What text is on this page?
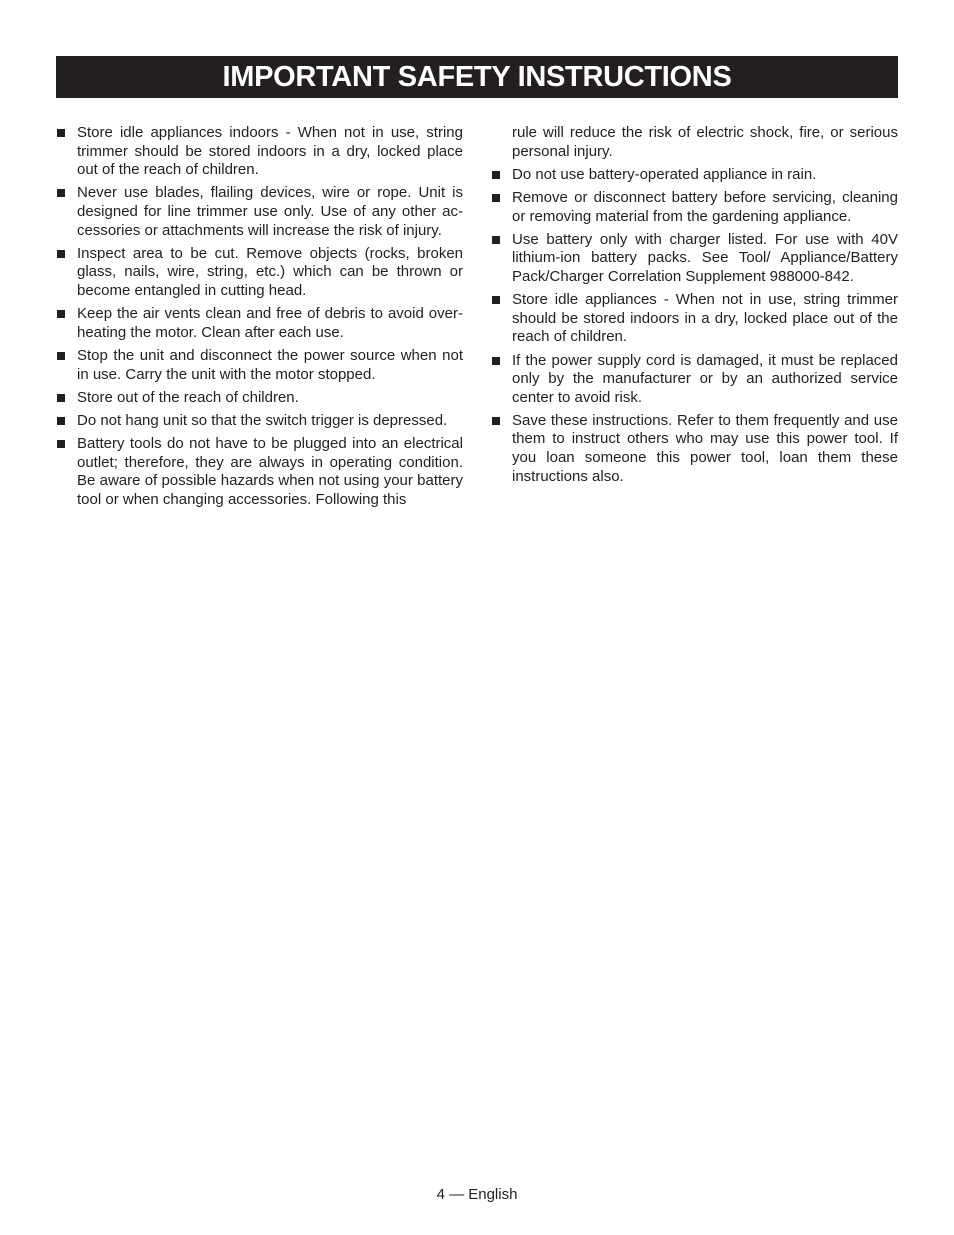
IMPORTANT SAFETY INSTRUCTIONS
Store idle appliances indoors - When not in use, string trimmer should be stored indoors in a dry, locked place out of the reach of children.
Never use blades, flailing devices, wire or rope. Unit is designed for line trimmer use only. Use of any other accessories or attachments will increase the risk of injury.
Inspect area to be cut. Remove objects (rocks, broken glass, nails, wire, string, etc.) which can be thrown or become entangled in cutting head.
Keep the air vents clean and free of debris to avoid overheating the motor. Clean after each use.
Stop the unit and disconnect the power source when not in use. Carry the unit with the motor stopped.
Store out of the reach of children.
Do not hang unit so that the switch trigger is depressed.
Battery tools do not have to be plugged into an electrical outlet; therefore, they are always in operating condition. Be aware of possible hazards when not using your battery tool or when changing accessories. Following this
rule will reduce the risk of electric shock, fire, or serious personal injury.
Do not use battery-operated appliance in rain.
Remove or disconnect battery before servicing, cleaning or removing material from the gardening appliance.
Use battery only with charger listed. For use with 40V lithium-ion battery packs. See Tool/ Appliance/Battery Pack/Charger Correlation Supplement 988000-842.
Store idle appliances - When not in use, string trimmer should be stored indoors in a dry, locked place out of the reach of children.
If the power supply cord is damaged, it must be replaced only by the manufacturer or by an authorized service center to avoid risk.
Save these instructions. Refer to them frequently and use them to instruct others who may use this power tool. If you loan someone this power tool, loan them these instructions also.
4 — English
